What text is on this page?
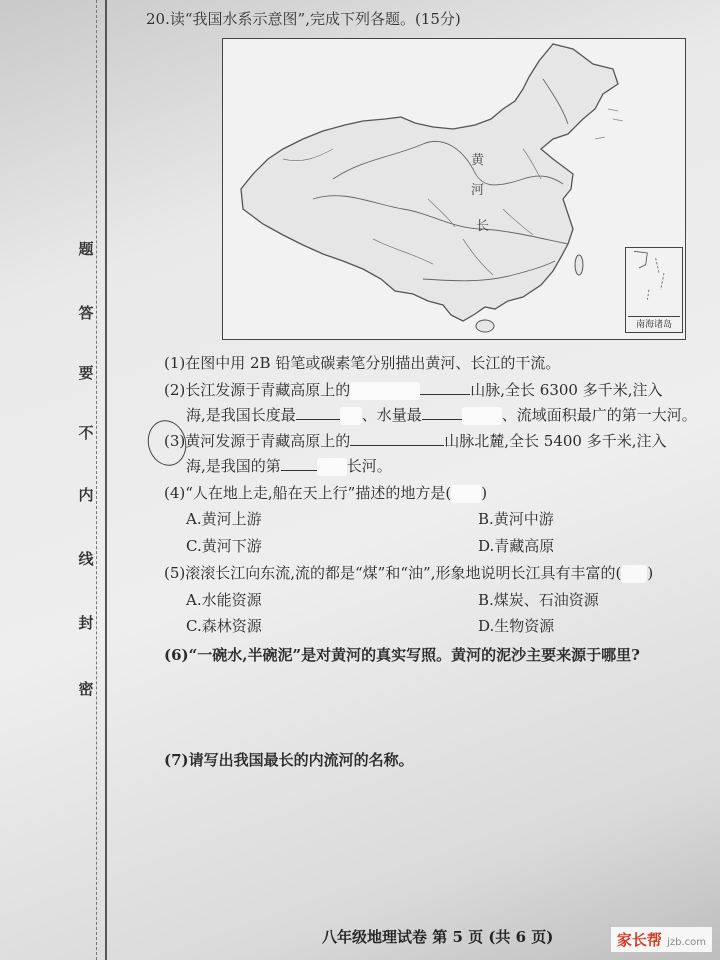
题
答
要
不
内
线
封
密
20.读“我国水系示意图”,完成下列各题。(15分)
黄
河
长
南海诸岛
(1)在图中用 2B 铅笔或碳素笔分别描出黄河、长江的干流。
(2)长江发源于青藏高原上的	山脉,全长 6300 多千米,注入
海,是我国长度最	、水量最	、流域面积最广的第一大河。
(3)黄河发源于青藏高原上的	山脉北麓,全长 5400 多千米,注入
海,是我国的第	长河。
(4)“人在地上走,船在天上行”描述的地方是( )
A.黄河上游	B.黄河中游
C.黄河下游	D.青藏高原
(5)滚滚长江向东流,流的都是“煤”和“油”,形象地说明长江具有丰富的( )
A.水能资源	B.煤炭、石油资源
C.森林资源	D.生物资源
(6)“一碗水,半碗泥”是对黄河的真实写照。黄河的泥沙主要来源于哪里?
(7)请写出我国最长的内流河的名称。
八年级地理试卷 第 5 页 (共 6 页)	家长帮 jzb.com
